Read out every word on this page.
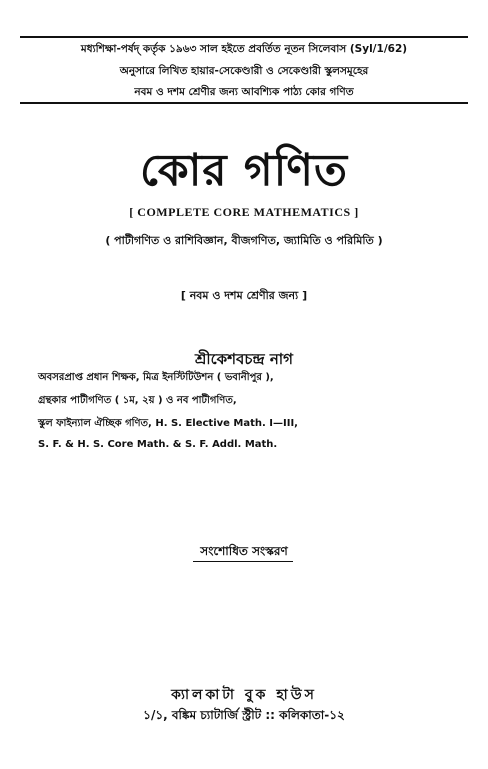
মধ্যশিক্ষা-পর্ষদ্ কর্তৃক ১৯৬৩ সাল হইতে প্রবর্তিত নূতন সিলেবাস (Syl/1/62)
অনুসারে লিখিত হায়ার-সেকেণ্ডারী ও সেকেণ্ডারী স্কুলসমূহের
নবম ও দশম শ্রেণীর জন্য আবশ্যিক পাঠ্য কোর গণিত
কোর গণিত
[ COMPLETE CORE MATHEMATICS ]
( পাটীগণিত ও রাশিবিজ্ঞান, বীজগণিত, জ্যামিতি ও পরিমিতি )
[ নবম ও দশম শ্রেণীর জন্য ]
শ্রীকেশবচন্দ্র নাগ
অবসরপ্রাপ্ত প্রধান শিক্ষক, মিত্র ইনস্টিটিউশন ( ভবানীপুর ),
গ্রন্থকার পাটীগণিত ( ১ম, ২য় ) ও নব পাটীগণিত,
স্কুল ফাইন্যাল ঐচ্ছিক গণিত, H. S. Elective Math. I—III,
S. F. & H. S. Core Math. & S. F. Addl. Math.
সংশোধিত সংস্করণ
ক্যালকাটা বুক হাউস
১/১, বঙ্কিম চ্যাটার্জি স্ট্রীট :: কলিকাতা-১২
